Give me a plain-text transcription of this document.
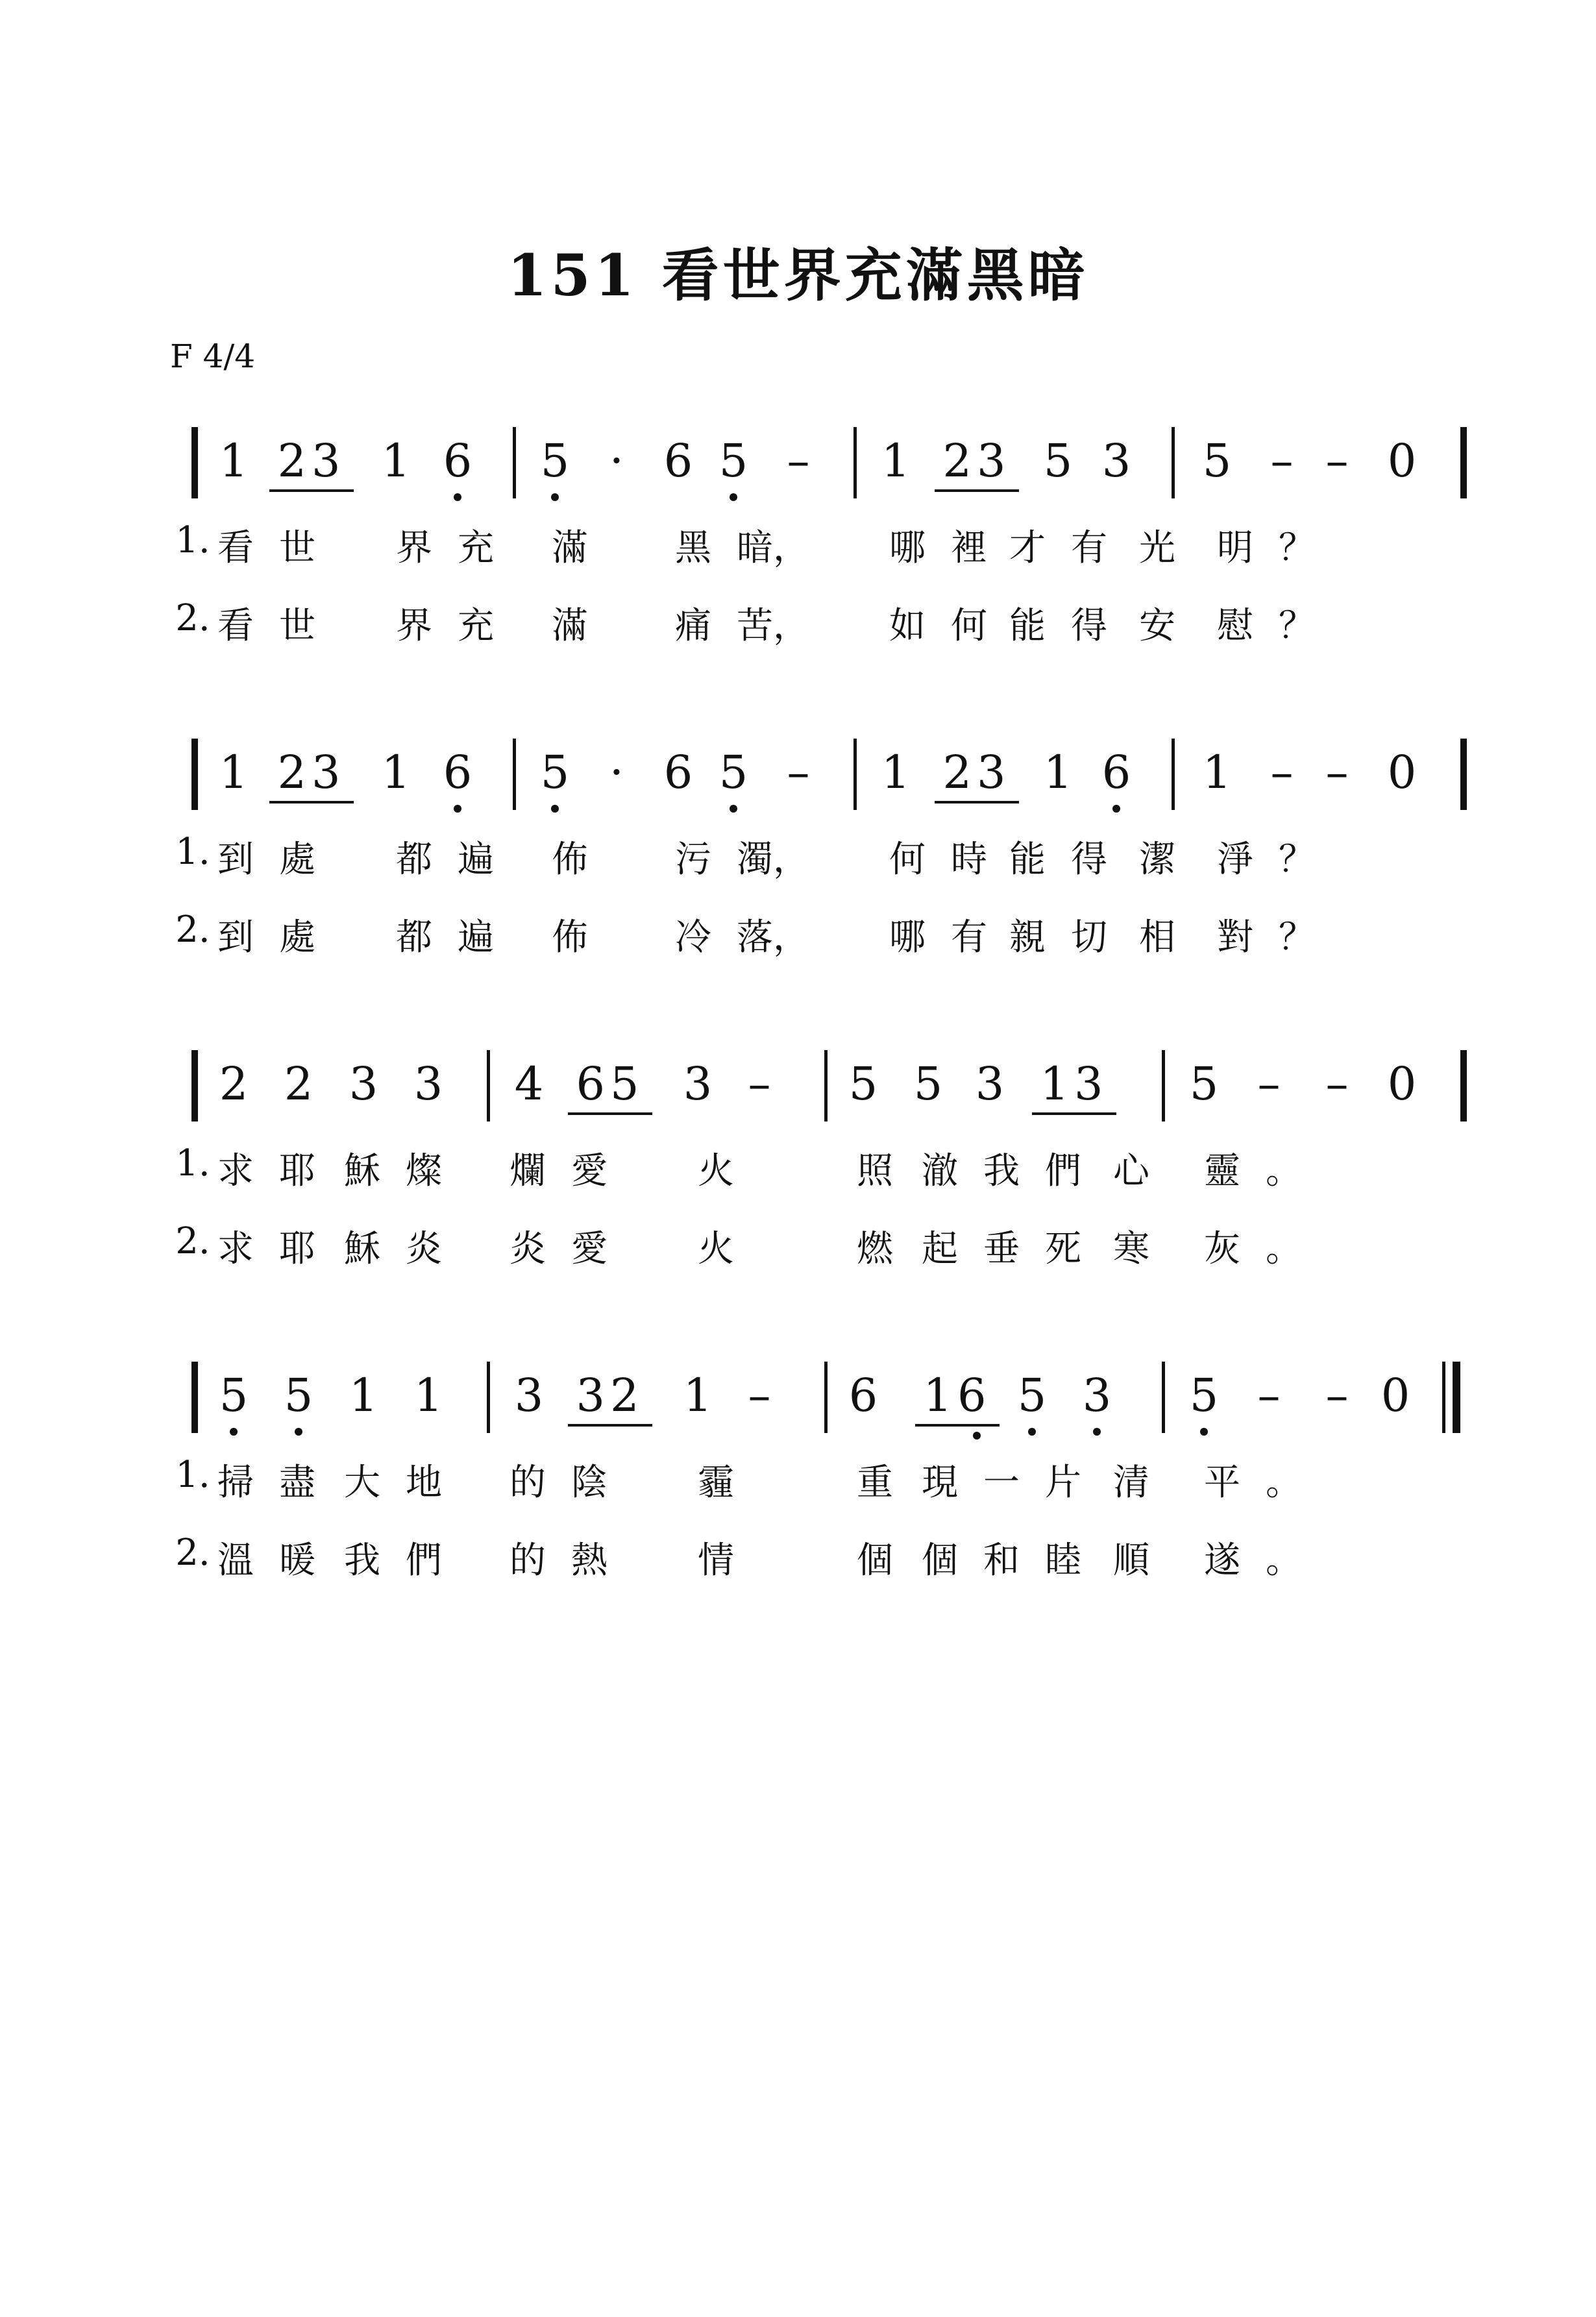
151 看世界充滿黑暗
F 4/4
1 23 1 6 5 · 6 5 – 1 23 5 3 5 – – 0
1. 看 世 界 充 滿 黑 暗， 哪 裡 才 有 光 明 ？
2. 看 世 界 充 滿 痛 苦， 如 何 能 得 安 慰 ？
1 23 1 6 5 · 6 5 – 1 23 1 6 1 – – 0
1. 到 處 都 遍 佈 污 濁， 何 時 能 得 潔 淨 ？
2. 到 處 都 遍 佈 冷 落， 哪 有 親 切 相 對 ？
2 2 3 3 4 65 3 – 5 5 3 13 5 – – 0
1. 求 耶 穌 燦 爛 愛 火	照 澈 我 們 心 靈 。
2. 求 耶 穌 炎 炎 愛 火	燃 起 垂 死 寒 灰 。
5 5 1 1 3 32 1 – 6 16 5 3 5 – – 0
1. 掃 盡 大 地 的 陰 霾	重 現 一 片 清 平 。
2. 溫 暖 我 們 的 熱 情	個 個 和 睦 順 遂 。
